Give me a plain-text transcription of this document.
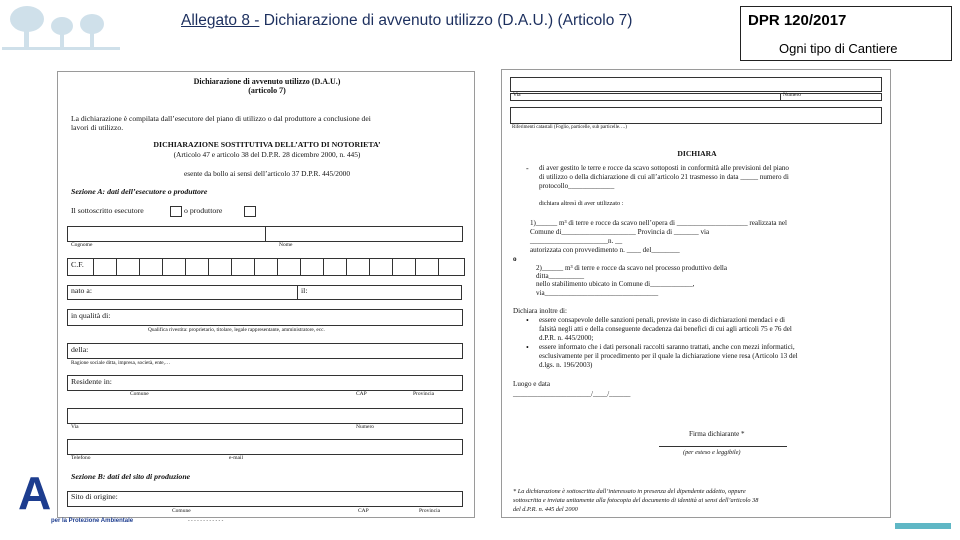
Allegato 8 - Dichiarazione di avvenuto utilizzo (D.A.U.) (Articolo 7)	DPR 120/2017
Ogni tipo di Cantiere
Dichiarazione di avvenuto utilizzo (D.A.U.)
(articolo 7)
La dichiarazione è compilata dall’esecutore del piano di utilizzo o dal produttore a conclusione dei
lavori di utilizzo.
DICHIARAZIONE SOSTITUTIVA DELL’ATTO DI NOTORIETA’
(Articolo 47 e articolo 38 del D.P.R. 28 dicembre 2000, n. 445)
esente da bollo ai sensi dell’articolo 37 D.P.R. 445/2000
Sezione A: dati dell’esecutore o produttore
Il sottoscritto esecutore	o produttore
Cognome	Nome
C.F.
nato a:	il:
in qualità di:
Qualifica rivestita: proprietario, titolare, legale rappresentante, amministratore, ecc.
della:
Ragione sociale ditta, impresa, società, ente,…
Residente in:
Comune	CAP	Provincia
Via	Numero
Telefono	e-mail
Sezione B: dati del sito di produzione
Sito di origine:
Comune	CAP	Provincia
Via	Numero
Riferimenti catastali (Foglio, particelle, sub particelle….)
DICHIARA
- di aver gestito le terre e rocce da scavo sottoposti in conformità alle previsioni del piano
di utilizzo o della dichiarazione di cui all’articolo 21 trasmesso in data _____ numero di
protocollo_____________
dichiara altresì di aver utilizzato :
1)______ m³ di terre e rocce da scavo nell’opera di ____________________ realizzata nel
Comune di_____________________ Provincia di _______ via
______________________n. __
autorizzata con provvedimento n. ____ del________
o
2)______ m³ di terre e rocce da scavo nel processo produttivo della
ditta__________
nello stabilimento ubicato in Comune di____________,
via________________________________
Dichiara inoltre di:
• essere consapevole delle sanzioni penali, previste in caso di dichiarazioni mendaci e di
falsità negli atti e della conseguente decadenza dai benefici di cui agli articoli 75 e 76 del
d.P.R. n. 445/2000;
• essere informato che i dati personali raccolti saranno trattati, anche con mezzi informatici,
esclusivamente per il procedimento per il quale la dichiarazione viene resa (Articolo 13 del
d.lgs. n. 196/2003)
Luogo e data
______________________/____/______
Firma dichiarante *
(per esteso e leggibile)
* La dichiarazione è sottoscritta dall’interessato in presenza del dipendente addetto, oppure
sottoscritta e inviata unitamente alla fotocopia del documento di identità ai sensi dell’articolo 38
del d.P.R. n. 445 del 2000
A
per la Protezione Ambientale	- - - - - - - - - - - -
